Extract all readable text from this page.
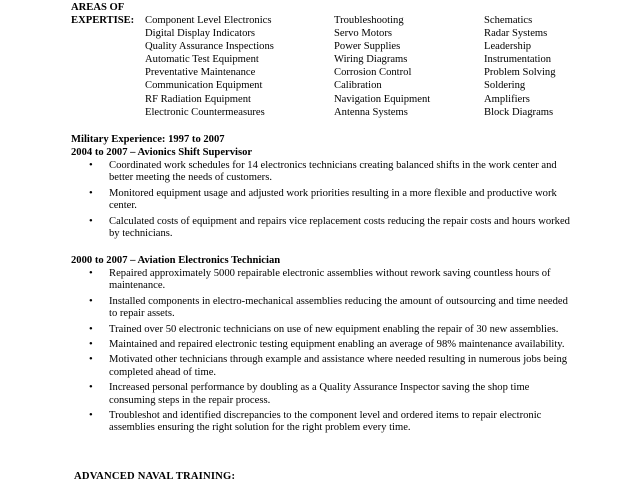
AREAS OF
EXPERTISE: Component Level Electronics
Digital Display Indicators
Quality Assurance Inspections
Automatic Test Equipment
Preventative Maintenance
Communication Equipment
RF Radiation Equipment
Electronic Countermeasures
Troubleshooting
Servo Motors
Power Supplies
Wiring Diagrams
Corrosion Control
Calibration
Navigation Equipment
Antenna Systems
Schematics
Radar Systems
Leadership
Instrumentation
Problem Solving
Soldering
Amplifiers
Block Diagrams
Military Experience: 1997 to 2007
2004 to 2007 – Avionics Shift Supervisor
• Coordinated work schedules for 14 electronics technicians creating balanced shifts in the work center and better meeting the needs of customers.
• Monitored equipment usage and adjusted work priorities resulting in a more flexible and productive work center.
• Calculated costs of equipment and repairs vice replacement costs reducing the repair costs and hours worked by technicians.
2000 to 2007 – Aviation Electronics Technician
• Repaired approximately 5000 repairable electronic assemblies without rework saving countless hours of maintenance.
• Installed components in electro-mechanical assemblies reducing the amount of outsourcing and time needed to repair assets.
• Trained over 50 electronic technicians on use of new equipment enabling the repair of 30 new assemblies.
• Maintained and repaired electronic testing equipment enabling an average of 98% maintenance availability.
• Motivated other technicians through example and assistance where needed resulting in numerous jobs being completed ahead of time.
• Increased personal performance by doubling as a Quality Assurance Inspector saving the shop time consuming steps in the repair process.
• Troubleshot and identified discrepancies to the component level and ordered items to repair electronic assemblies ensuring the right solution for the right problem every time.
ADVANCED NAVAL TRAINING:
